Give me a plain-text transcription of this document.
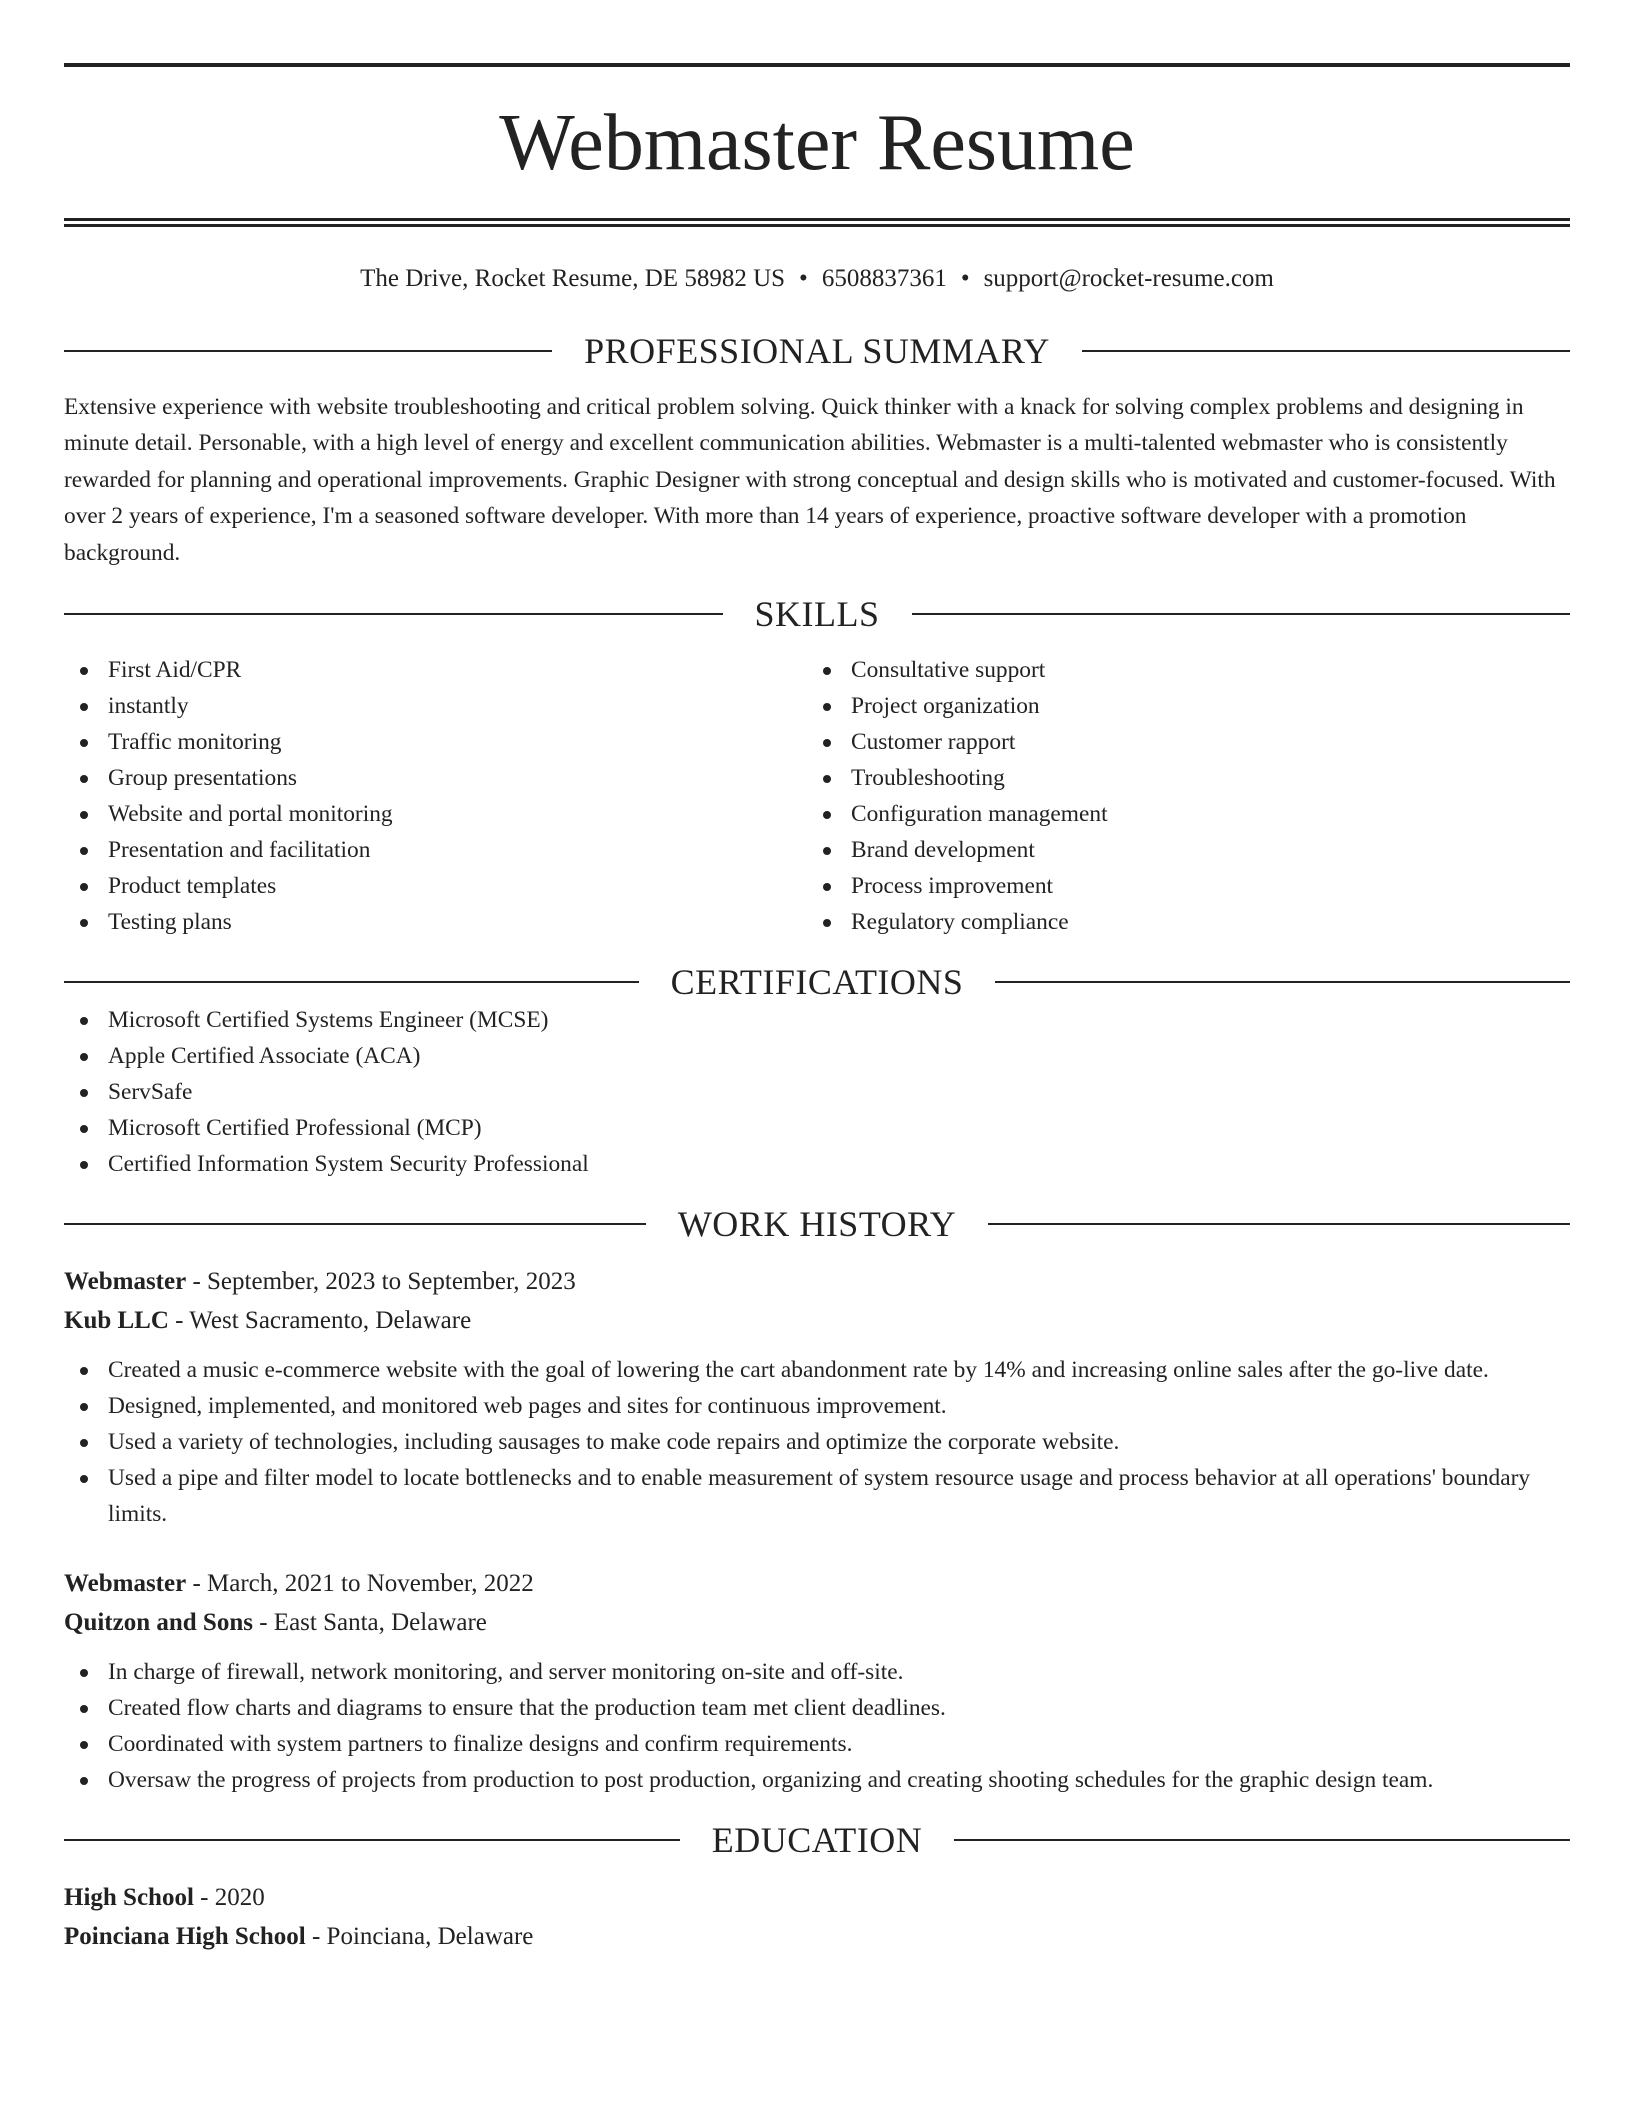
Webmaster Resume
The Drive, Rocket Resume, DE 58982 US • 6508837361 • support@rocket-resume.com
PROFESSIONAL SUMMARY

Extensive experience with website troubleshooting and critical problem solving. Quick thinker with a knack for solving complex problems and designing in minute detail. Personable, with a high level of energy and excellent communication abilities. Webmaster is a multi-talented webmaster who is consistently rewarded for planning and operational improvements. Graphic Designer with strong conceptual and design skills who is motivated and customer-focused. With over 2 years of experience, I'm a seasoned software developer. With more than 14 years of experience, proactive software developer with a promotion background.

SKILLS
First Aid/CPR
instantly
Traffic monitoring
Group presentations
Website and portal monitoring
Presentation and facilitation
Product templates
Testing plans
Consultative support
Project organization
Customer rapport
Troubleshooting
Configuration management
Brand development
Process improvement
Regulatory compliance
CERTIFICATIONS
Microsoft Certified Systems Engineer (MCSE)
Apple Certified Associate (ACA)
ServSafe
Microsoft Certified Professional (MCP)
Certified Information System Security Professional
WORK HISTORY
Webmaster - September, 2023 to September, 2023
Kub LLC - West Sacramento, Delaware
Created a music e-commerce website with the goal of lowering the cart abandonment rate by 14% and increasing online sales after the go-live date.
Designed, implemented, and monitored web pages and sites for continuous improvement.
Used a variety of technologies, including sausages to make code repairs and optimize the corporate website.
Used a pipe and filter model to locate bottlenecks and to enable measurement of system resource usage and process behavior at all operations' boundary limits.
Webmaster - March, 2021 to November, 2022
Quitzon and Sons - East Santa, Delaware
In charge of firewall, network monitoring, and server monitoring on-site and off-site.
Created flow charts and diagrams to ensure that the production team met client deadlines.
Coordinated with system partners to finalize designs and confirm requirements.
Oversaw the progress of projects from production to post production, organizing and creating shooting schedules for the graphic design team.
EDUCATION
High School - 2020
Poinciana High School - Poinciana, Delaware
